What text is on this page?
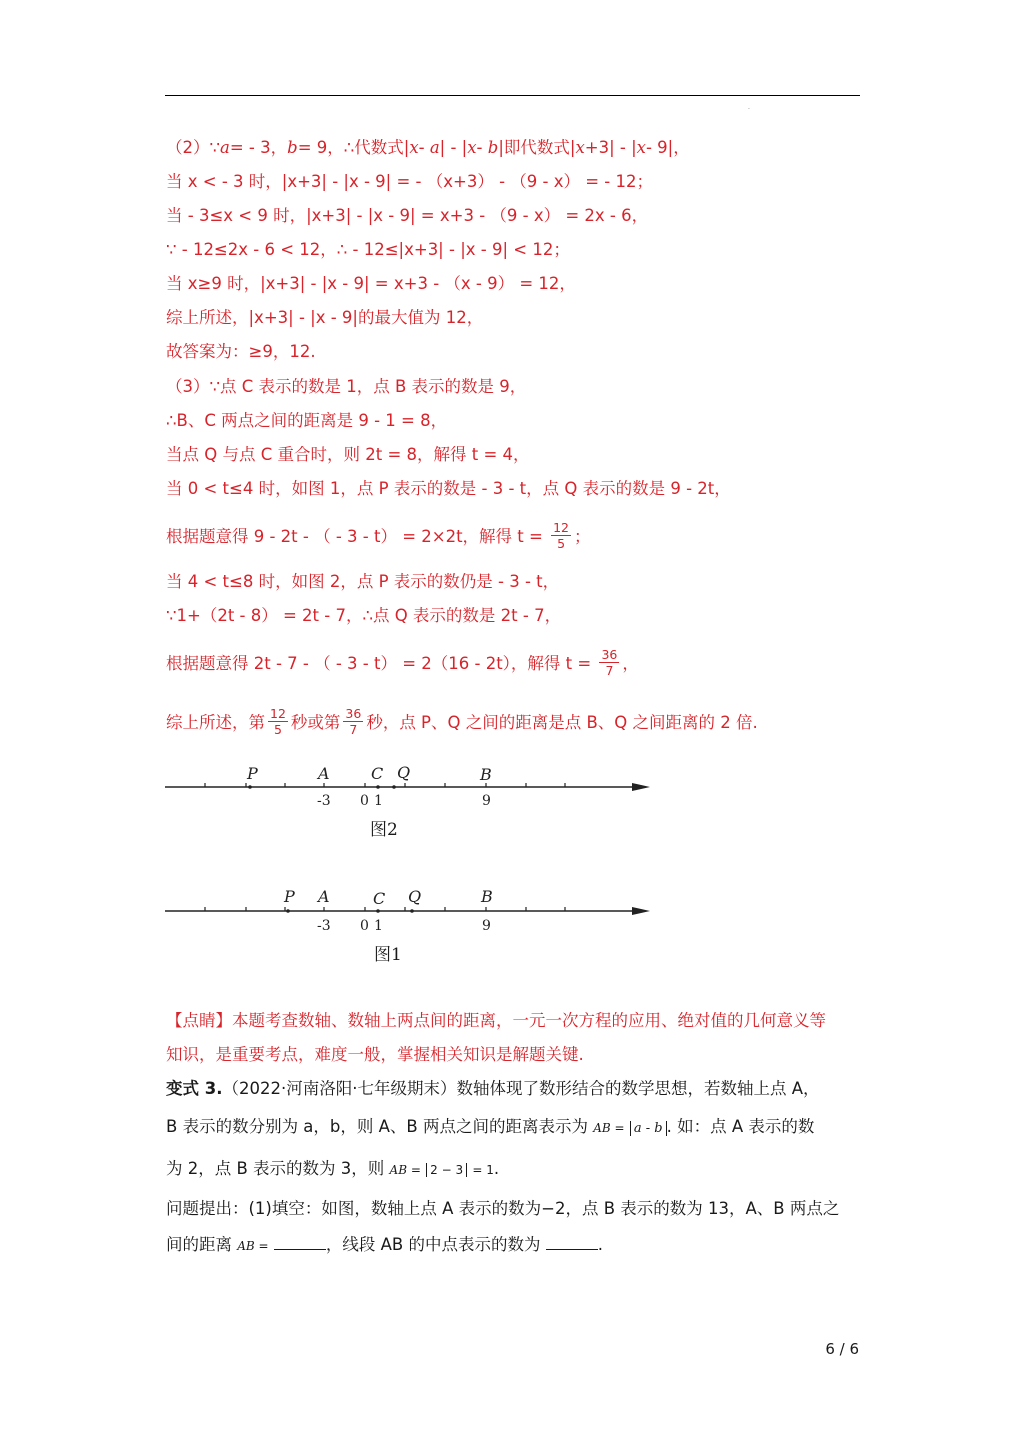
.
（2）∵a= - 3，b= 9，∴代数式|x- a| - |x- b|即代数式|x+3| - |x- 9|，
当 x < - 3 时，|x+3| - |x - 9| = - （x+3） - （9 - x） = - 12；
当 - 3≤x < 9 时，|x+3| - |x - 9| = x+3 - （9 - x） = 2x - 6，
∵ - 12≤2x - 6 < 12，∴ - 12≤|x+3| - |x - 9| < 12；
当 x≥9 时，|x+3| - |x - 9| = x+3 - （x - 9） = 12，
综上所述，|x+3| - |x - 9|的最大值为 12，
故答案为：≥9，12.
（3）∵点 C 表示的数是 1，点 B 表示的数是 9，
∴B、C 两点之间的距离是 9 - 1 = 8，
当点 Q 与点 C 重合时，则 2t = 8，解得 t = 4，
当 0 < t≤4 时，如图 1，点 P 表示的数是 - 3 - t，点 Q 表示的数是 9 - 2t，
根据题意得 9 - 2t - （ - 3 - t） = 2×2t，解得 $t = \frac{12}{5}$ ；
当 4 < t≤8 时，如图 2，点 P 表示的数仍是 - 3 - t，
∵1+（2t - 8） = 2t - 7，∴点 Q 表示的数是 2t - 7，
根据题意得 2t - 7 - （ - 3 - t） = 2（16 - 2t），解得 $t = \frac{36}{7}$ ，
综上所述，第 $\frac{12}{5}$ 秒或第 $\frac{36}{7}$ 秒，点 P、Q 之间的距离是点 B、Q 之间距离的 2 倍.
P	A	C Q	B
-3 0 1	9
图2
P A	C Q	B
-3 0 1	9
图1
【点睛】本题考查数轴、数轴上两点间的距离，一元一次方程的应用、绝对值的几何意义等
知识，是重要考点，难度一般，掌握相关知识是解题关键.
变式 3.（2022·河南洛阳·七年级期末）数轴体现了数形结合的数学思想，若数轴上点 A，
B 表示的数分别为 a，b，则 A、B 两点之间的距离表示为 AB = a - b . 如：点 A 表示的数
为 2，点 B 表示的数为 3，则 AB = 2 − 3 = 1.
问题提出：(1)填空：如图，数轴上点 A 表示的数为−2，点 B 表示的数为 13，A、B 两点之
间的距离 AB =	，线段 AB 的中点表示的数为	.
6 / 6
